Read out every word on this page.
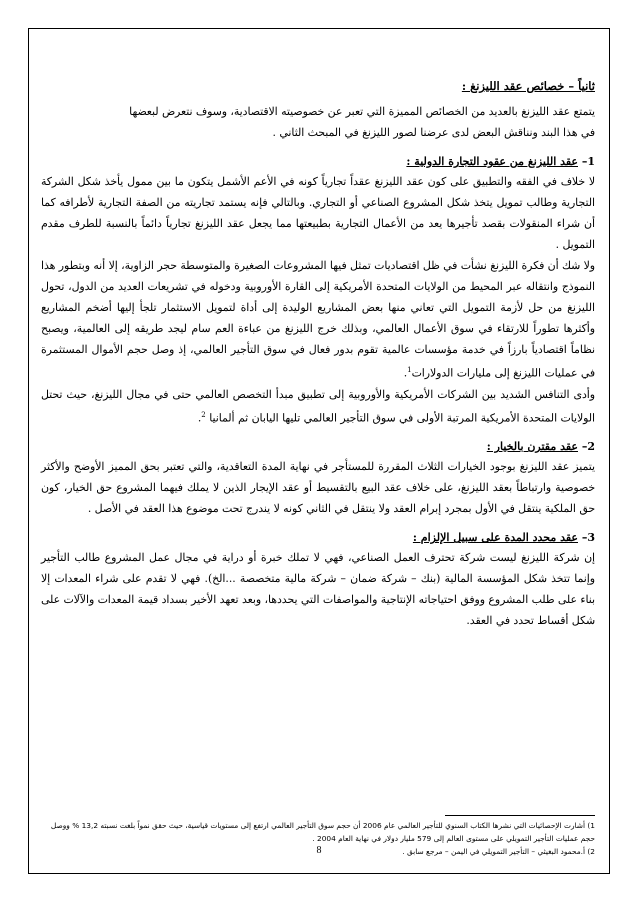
ثانياً – خصائص عقد الليزنغ :

يتمتع عقد الليزنغ بالعديد من الخصائص المميزة التي تعبر عن خصوصيته الاقتصادية، وسوف نتعرض لبعضها

في هذا البند ونناقش البعض لدى عرضنا لصور الليزنغ في المبحث الثاني .

1– عقد الليزنغ من عقود التجارة الدولية :

لا خلاف في الفقه والتطبيق على كون عقد الليزنغ عقداً تجارياً كونه في الأعم الأشمل يتكون ما بين ممول يأخذ شكل الشركة التجارية وطالب تمويل يتخذ شكل المشروع الصناعي أو التجاري. وبالتالي فإنه يستمد تجاريته من الصفة التجارية لأطرافه كما أن شراء المنقولات بقصد تأجيرها يعد من الأعمال التجارية بطبيعتها مما يجعل عقد الليزنغ تجارياً دائماً بالنسبة للطرف مقدم التمويل .

ولا شك أن فكرة الليزنغ نشأت في ظل اقتصاديات تمثل فيها المشروعات الصغيرة والمتوسطة حجر الزاوية، إلا أنه وبتطور هذا النموذج وانتقاله عبر المحيط من الولايات المتحدة الأمريكية إلى القارة الأوروبية ودخوله في تشريعات العديد من الدول، تحول الليزنغ من حل لأزمة التمويل التي تعاني منها بعض المشاريع الوليدة إلى أداة لتمويل الاستثمار تلجأ إليها أضخم المشاريع وأكثرها تطوراً للارتقاء في سوق الأعمال العالمي، وبذلك خرج الليزنغ من عباءة العم سام ليجد طريقه إلى العالمية، ويصبح نظاماً اقتصادياً بارزاً في خدمة مؤسسات عالمية تقوم بدور فعال في سوق التأجير العالمي، إذ وصل حجم الأموال المستثمرة في عمليات الليزنغ إلى مليارات الدولارات$^1$.

وأدى التنافس الشديد بين الشركات الأمريكية والأوروبية إلى تطبيق مبدأ التخصص العالمي حتى في مجال الليزنغ، حيث تحتل الولايات المتحدة الأمريكية المرتبة الأولى في سوق التأجير العالمي تليها اليابان ثم ألمانيا $^2$.

2– عقد مقترن بالخيار :

يتميز عقد الليزنغ بوجود الخيارات الثلاث المقررة للمستأجر في نهاية المدة التعاقدية، والتي تعتبر بحق المميز الأوضح والأكثر خصوصية وارتباطاً بعقد الليزنغ، على خلاف عقد البيع بالتقسيط أو عقد الإيجار الذين لا يملك فيهما المشروع حق الخيار، كون حق الملكية ينتقل في الأول بمجرد إبرام العقد ولا ينتقل في الثاني كونه لا يندرج تحت موضوع هذا العقد في الأصل .

3– عقد محدد المدة على سبيل الإلزام :

إن شركة الليزنغ ليست شركة تحترف العمل الصناعي، فهي لا تملك خبرة أو دراية في مجال عمل المشروع طالب التأجير وإنما تتخذ شكل المؤسسة المالية (بنك – شركة ضمان – شركة مالية متخصصة ...الخ). فهي لا تقدم على شراء المعدات إلا بناء على طلب المشروع ووفق احتياجاته الإنتاجية والمواصفات التي يحددها، وبعد تعهد الأخير بسداد قيمة المعدات والآلات على شكل أقساط تحدد في العقد.

1) أشارت الإحصائيات التي نشرها الكتاب السنوي للتأجير العالمي عام 2006 أن حجم سوق التأجير العالمي ارتفع إلى مستويات قياسية، حيث حقق نمواً بلغت نسبته 13,2 % ووصل حجم عمليات التأجير التمويلي على مستوى العالم إلى 579 مليار دولار في نهاية العام 2004 .
2) أ.محمود البغيثي – التأجير التمويلي في اليمن – مرجع سابق .
8
